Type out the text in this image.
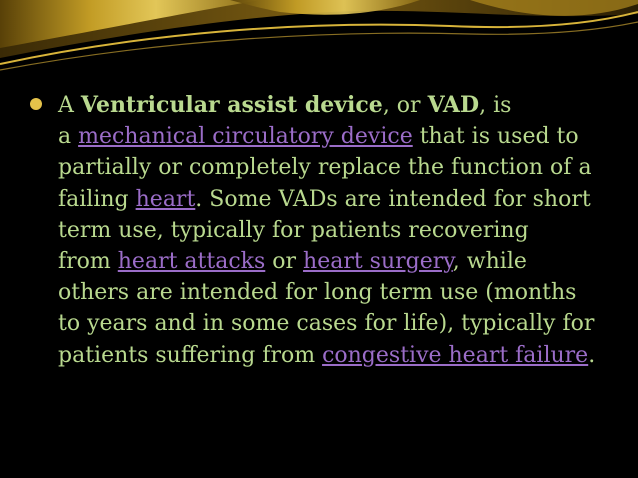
A Ventricular assist device, or VAD, is
a mechanical circulatory device that is used to
partially or completely replace the function of a
failing heart. Some VADs are intended for short
term use, typically for patients recovering
from heart attacks or heart surgery, while
others are intended for long term use (months
to years and in some cases for life), typically for
patients suffering from congestive heart failure.
